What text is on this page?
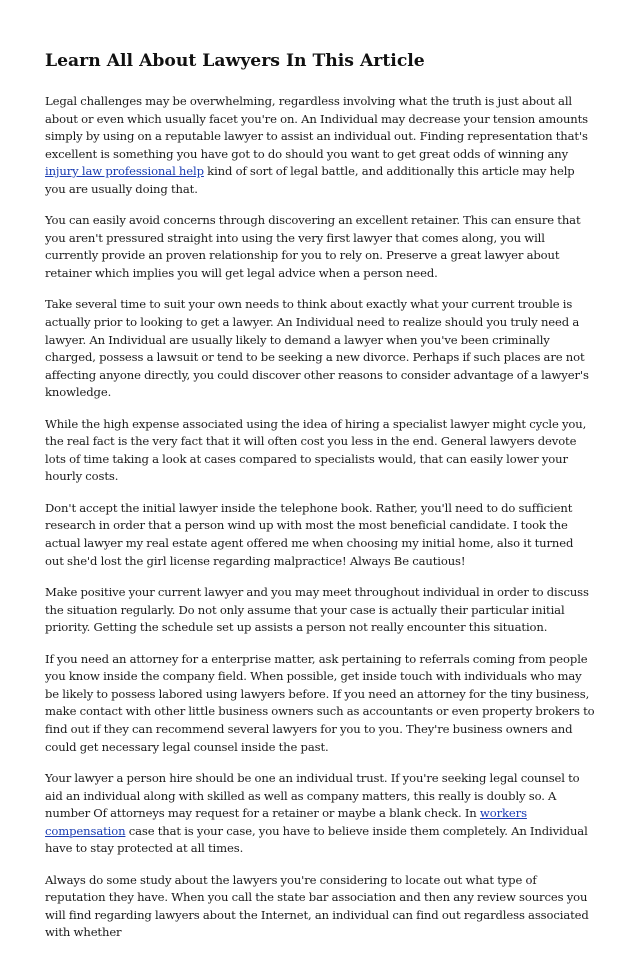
Learn All About Lawyers In This Article

Legal challenges may be overwhelming, regardless involving what the truth is just about all about or even which usually facet you're on. An Individual may decrease your tension amounts simply by using on a reputable lawyer to assist an individual out. Finding representation that's excellent is something you have got to do should you want to get great odds of winning any injury law professional help kind of sort of legal battle, and additionally this article may help you are usually doing that.

You can easily avoid concerns through discovering an excellent retainer. This can ensure that you aren't pressured straight into using the very first lawyer that comes along, you will currently provide an proven relationship for you to rely on. Preserve a great lawyer about retainer which implies you will get legal advice when a person need.

Take several time to suit your own needs to think about exactly what your current trouble is actually prior to looking to get a lawyer. An Individual need to realize should you truly need a lawyer. An Individual are usually likely to demand a lawyer when you've been criminally charged, possess a lawsuit or tend to be seeking a new divorce. Perhaps if such places are not affecting anyone directly, you could discover other reasons to consider advantage of a lawyer's knowledge.

While the high expense associated using the idea of hiring a specialist lawyer might cycle you, the real fact is the very fact that it will often cost you less in the end. General lawyers devote lots of time taking a look at cases compared to specialists would, that can easily lower your hourly costs.

Don't accept the initial lawyer inside the telephone book. Rather, you'll need to do sufficient research in order that a person wind up with most the most beneficial candidate. I took the actual lawyer my real estate agent offered me when choosing my initial home, also it turned out she'd lost the girl license regarding malpractice! Always Be cautious!

Make positive your current lawyer and you may meet throughout individual in order to discuss the situation regularly. Do not only assume that your case is actually their particular initial priority. Getting the schedule set up assists a person not really encounter this situation.

If you need an attorney for a enterprise matter, ask pertaining to referrals coming from people you know inside the company field. When possible, get inside touch with individuals who may be likely to possess labored using lawyers before. If you need an attorney for the tiny business, make contact with other little business owners such as accountants or even property brokers to find out if they can recommend several lawyers for you to you. They're business owners and could get necessary legal counsel inside the past.

Your lawyer a person hire should be one an individual trust. If you're seeking legal counsel to aid an individual along with skilled as well as company matters, this really is doubly so. A number Of attorneys may request for a retainer or maybe a blank check. In workers compensation case that is your case, you have to believe inside them completely. An Individual have to stay protected at all times.

Always do some study about the lawyers you're considering to locate out what type of reputation they have. When you call the state bar association and then any review sources you will find regarding lawyers about the Internet, an individual can find out regardless associated with whether
